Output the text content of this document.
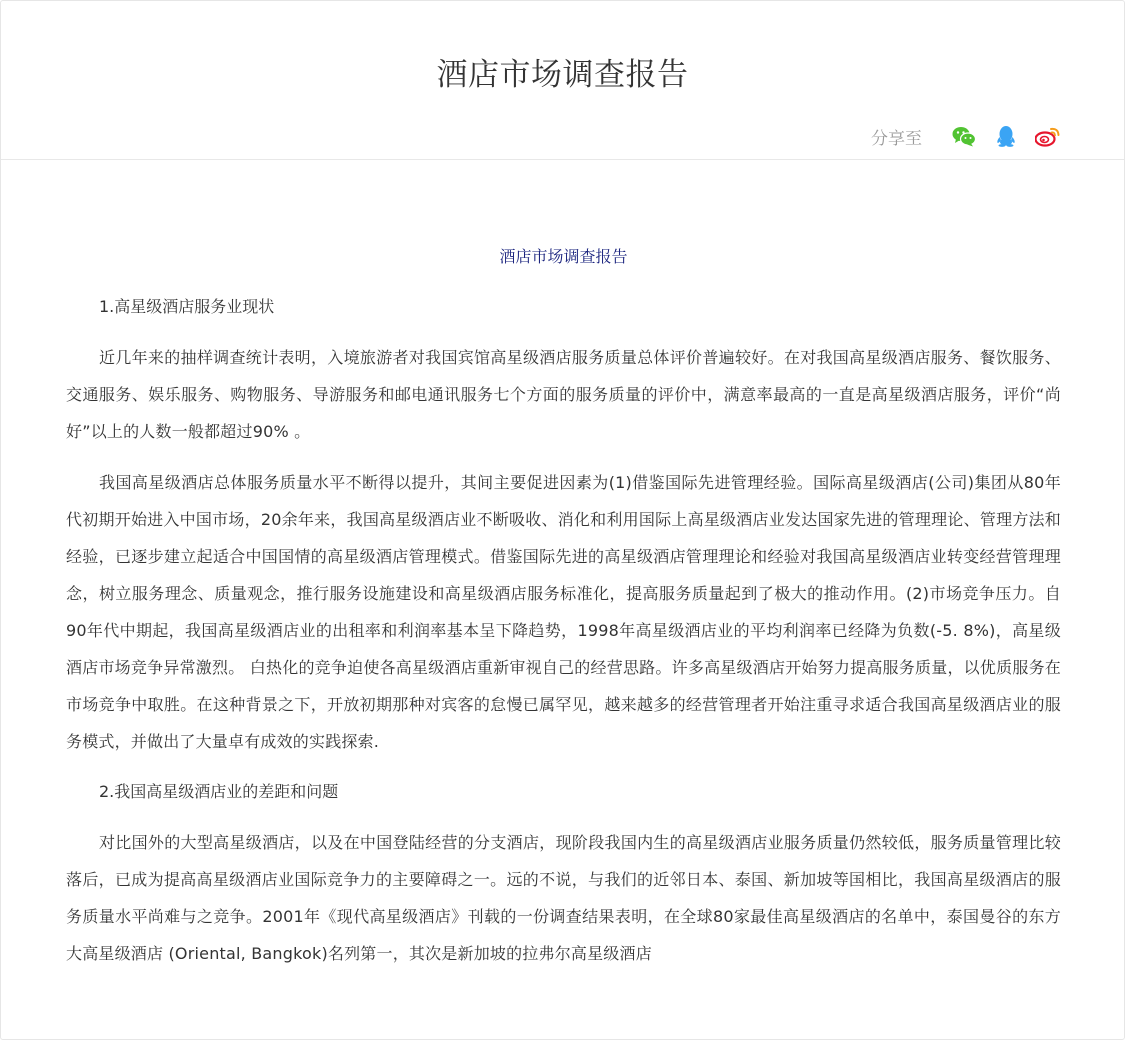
酒店市场调查报告
分享至

酒店市场调查报告

1.高星级酒店服务业现状

近几年来的抽样调查统计表明，入境旅游者对我国宾馆高星级酒店服务质量总体评价普遍较好。在对我国高星级酒店服务、餐饮服务、交通服务、娱乐服务、购物服务、导游服务和邮电通讯服务七个方面的服务质量的评价中，满意率最高的一直是高星级酒店服务，评价“尚好”以上的人数一般都超过90% 。

我国高星级酒店总体服务质量水平不断得以提升，其间主要促进因素为(1)借鉴国际先进管理经验。国际高星级酒店(公司)集团从80年代初期开始进入中国市场，20余年来，我国高星级酒店业不断吸收、消化和利用国际上高星级酒店业发达国家先进的管理理论、管理方法和经验，已逐步建立起适合中国国情的高星级酒店管理模式。借鉴国际先进的高星级酒店管理理论和经验对我国高星级酒店业转变经营管理理念，树立服务理念、质量观念，推行服务设施建设和高星级酒店服务标准化，提高服务质量起到了极大的推动作用。(2)市场竞争压力。自90年代中期起，我国高星级酒店业的出租率和利润率基本呈下降趋势，1998年高星级酒店业的平均利润率已经降为负数(-5. 8%)，高星级酒店市场竞争异常激烈。 白热化的竞争迫使各高星级酒店重新审视自己的经营思路。许多高星级酒店开始努力提高服务质量，以优质服务在市场竞争中取胜。在这种背景之下，开放初期那种对宾客的怠慢已属罕见，越来越多的经营管理者开始注重寻求适合我国高星级酒店业的服务模式，并做出了大量卓有成效的实践探索.

2.我国高星级酒店业的差距和问题

对比国外的大型高星级酒店，以及在中国登陆经营的分支酒店，现阶段我国内生的高星级酒店业服务质量仍然较低，服务质量管理比较落后，已成为提高高星级酒店业国际竞争力的主要障碍之一。远的不说，与我们的近邻日本、泰国、新加坡等国相比，我国高星级酒店的服务质量水平尚难与之竞争。2001年《现代高星级酒店》刊载的一份调查结果表明，在全球80家最佳高星级酒店的名单中，泰国曼谷的东方大高星级酒店 (Oriental, Bangkok)名列第一，其次是新加坡的拉弗尔高星级酒店
